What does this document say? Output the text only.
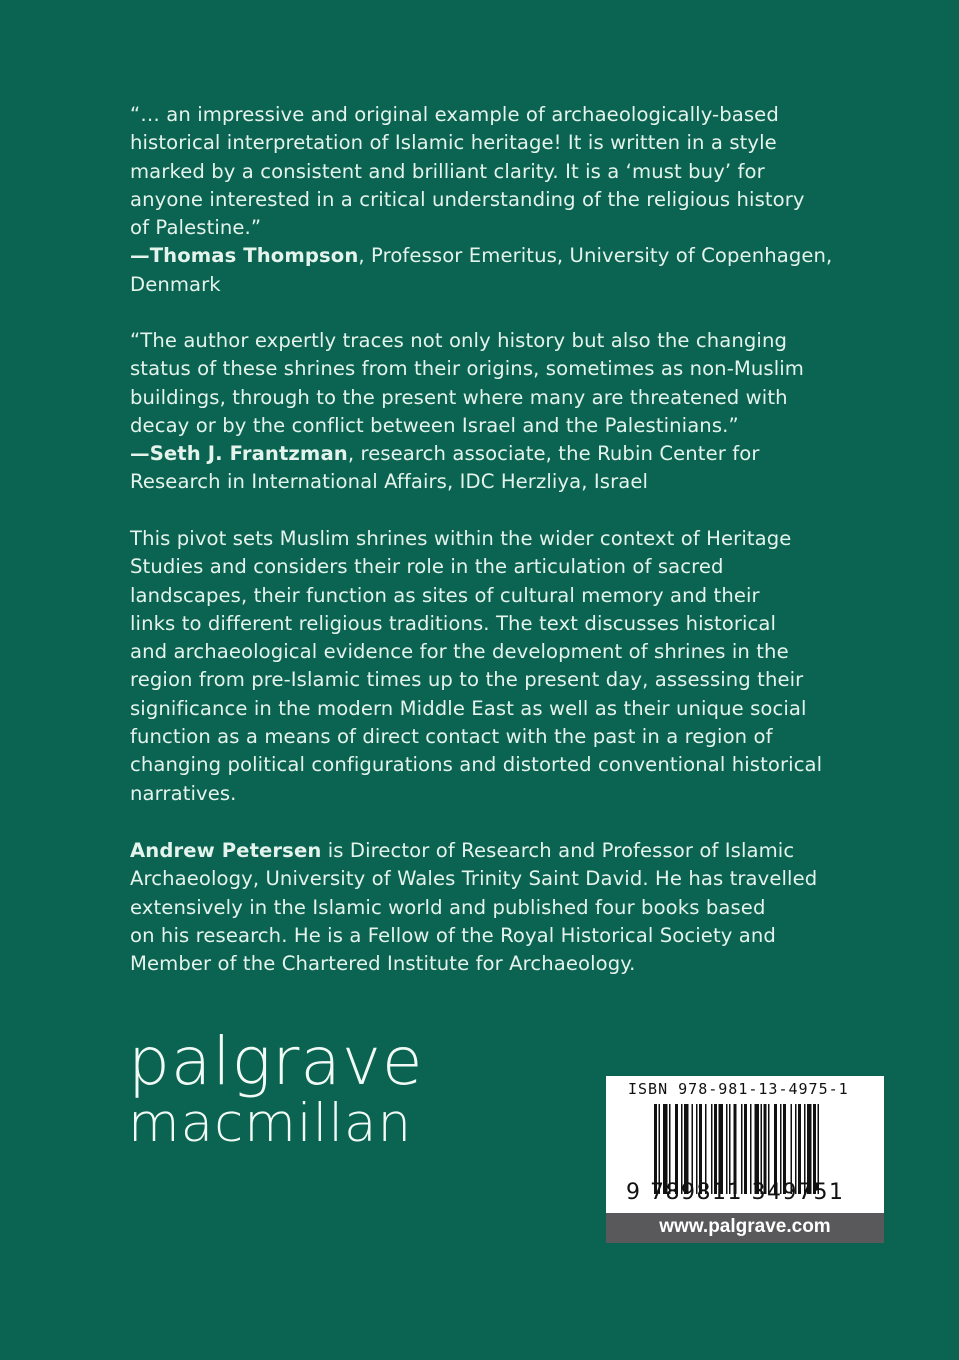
“… an impressive and original example of archaeologically-based
historical interpretation of Islamic heritage! It is written in a style
marked by a consistent and brilliant clarity. It is a ‘must buy’ for
anyone interested in a critical understanding of the religious history
of Palestine.”
—Thomas Thompson, Professor Emeritus, University of Copenhagen,
Denmark
“The author expertly traces not only history but also the changing
status of these shrines from their origins, sometimes as non-Muslim
buildings, through to the present where many are threatened with
decay or by the conflict between Israel and the Palestinians.”
—Seth J. Frantzman, research associate, the Rubin Center for
Research in International Affairs, IDC Herzliya, Israel
This pivot sets Muslim shrines within the wider context of Heritage
Studies and considers their role in the articulation of sacred
landscapes, their function as sites of cultural memory and their
links to different religious traditions. The text discusses historical
and archaeological evidence for the development of shrines in the
region from pre-Islamic times up to the present day, assessing their
significance in the modern Middle East as well as their unique social
function as a means of direct contact with the past in a region of
changing political configurations and distorted conventional historical
narratives.
Andrew Petersen is Director of Research and Professor of Islamic
Archaeology, University of Wales Trinity Saint David. He has travelled
extensively in the Islamic world and published four books based
on his research. He is a Fellow of the Royal Historical Society and
Member of the Chartered Institute for Archaeology.
palgrave
macmillan
ISBN 978-981-13-4975-1
9 789811 349751
www.palgrave.com
